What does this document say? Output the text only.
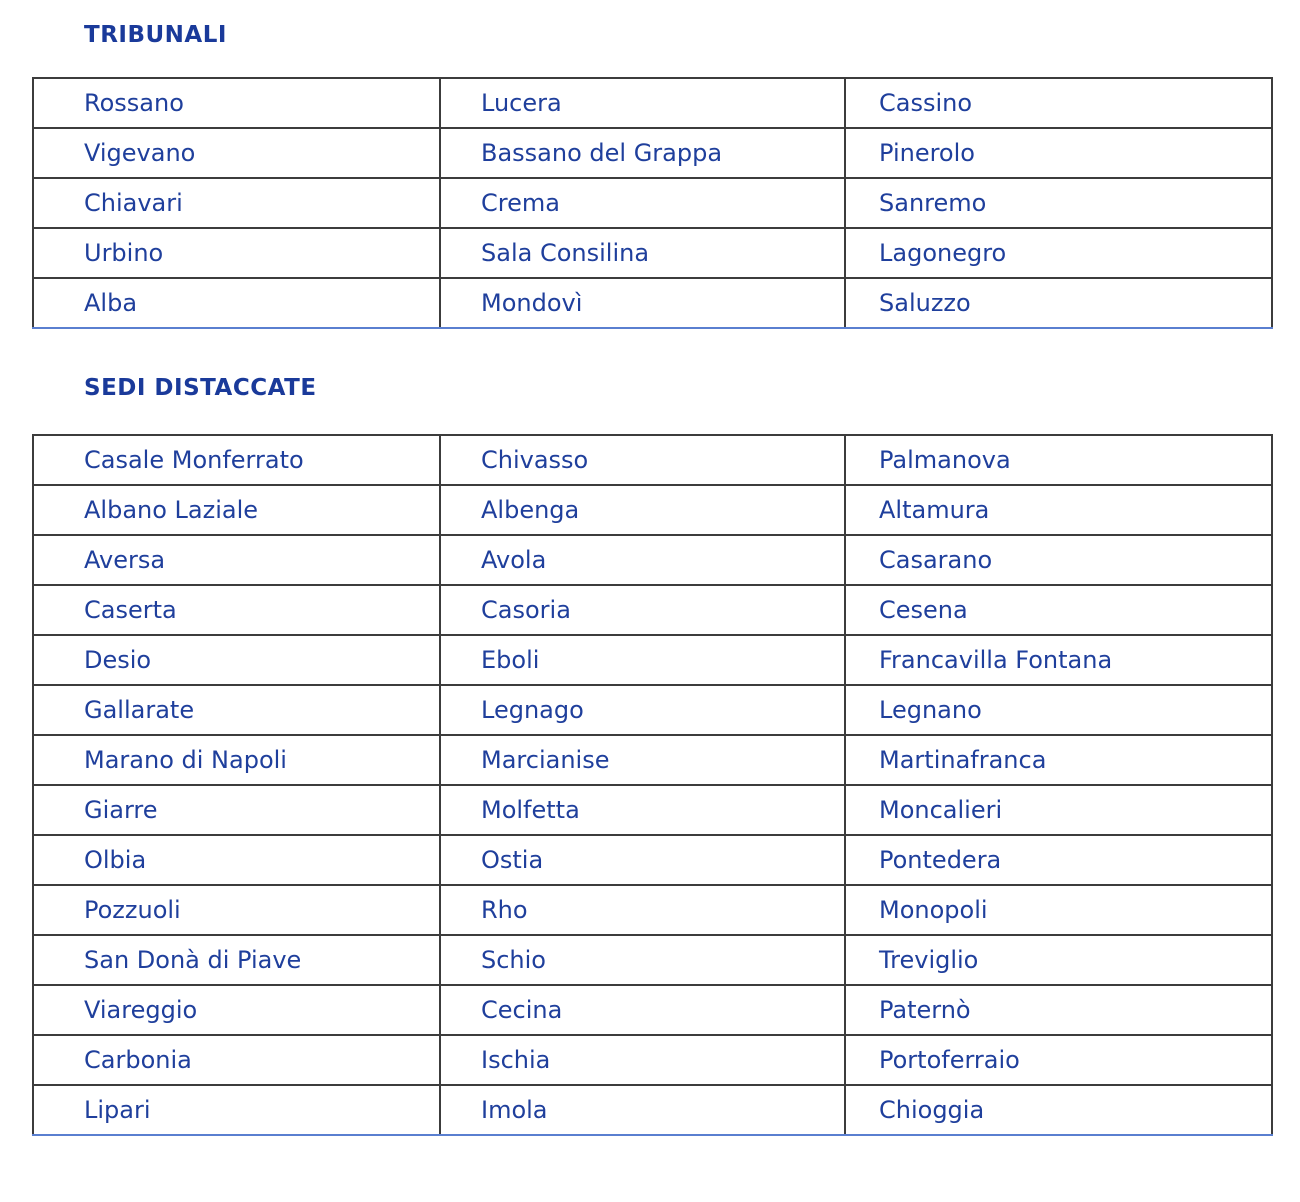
TRIBUNALI
Rossano	Lucera	Cassino
Vigevano	Bassano del Grappa	Pinerolo
Chiavari	Crema	Sanremo
Urbino	Sala Consilina	Lagonegro
Alba	Mondovì	Saluzzo
SEDI DISTACCATE
Casale Monferrato	Chivasso	Palmanova
Albano Laziale	Albenga	Altamura
Aversa	Avola	Casarano
Caserta	Casoria	Cesena
Desio	Eboli	Francavilla Fontana
Gallarate	Legnago	Legnano
Marano di Napoli	Marcianise	Martinafranca
Giarre	Molfetta	Moncalieri
Olbia	Ostia	Pontedera
Pozzuoli	Rho	Monopoli
San Donà di Piave	Schio	Treviglio
Viareggio	Cecina	Paternò
Carbonia	Ischia	Portoferraio
Lipari	Imola	Chioggia
